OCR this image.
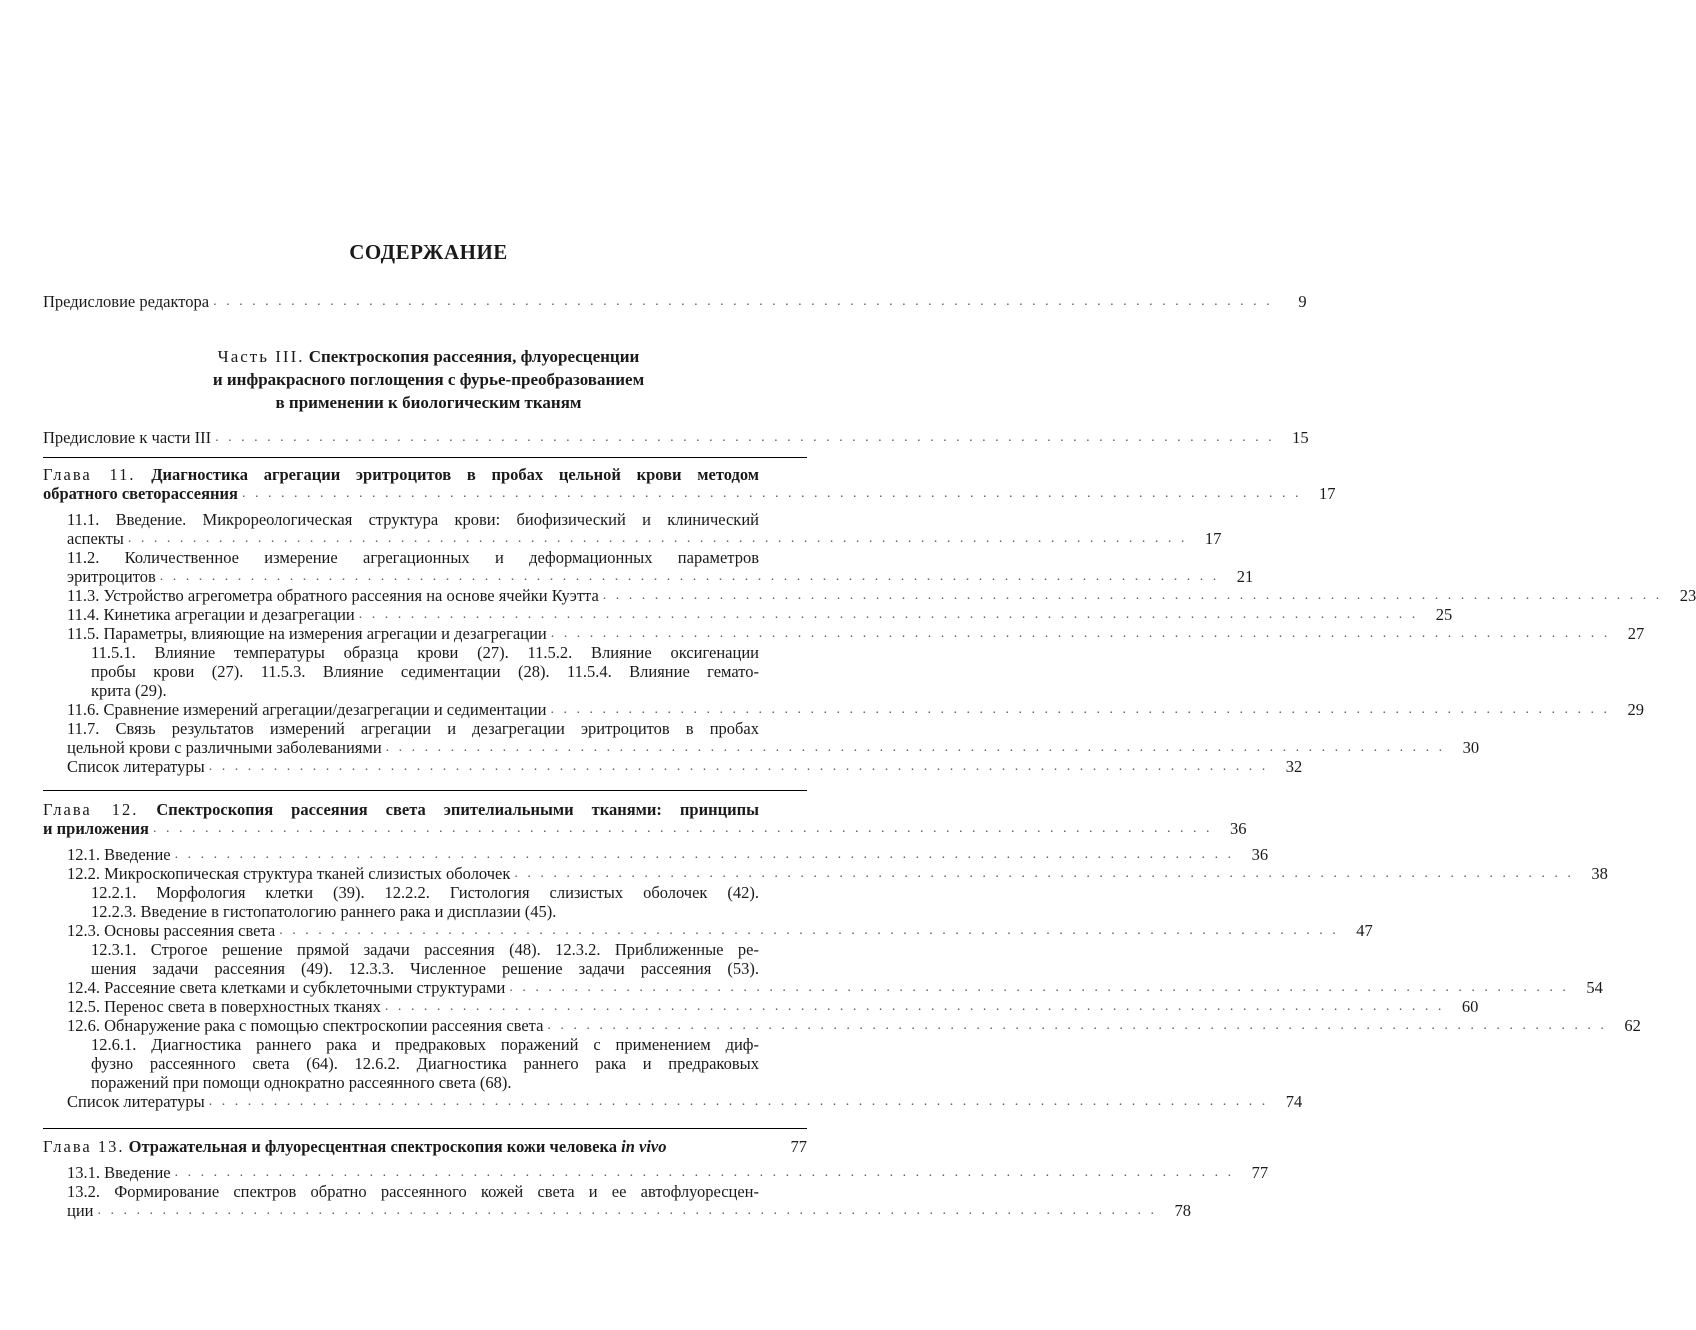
СОДЕРЖАНИЕ
Предисловие редактора . . . . . . . . . . . . . . . . . . . . . . . . . . . . . . . . . . . . . . . . . . . . . . . . . . . . . . . . . . . . . . . . . . . . . . . . . . . . . . . . . .	9
Часть III. Спектроскопия рассеяния, флуоресценции
и инфракрасного поглощения с фурье-преобразованием
в применении к биологическим тканям
Предисловие к части III . . . . . . . . . . . . . . . . . . . . . . . . . . . . . . . . . . . . . . . . . . . . . . . . . . . . . . . . . . . . . . . . . . . . . . . . . . . . . . . . . .	15
Глава 11. Диагностика агрегации эритроцитов в пробах цельной крови методом
обратного светорассеяния . . . . . . . . . . . . . . . . . . . . . . . . . . . . . . . . . . . . . . . . . . . . . . . . . . . . . . . . . . . . . . . . . . . . . . . . . . . . . . . . . .	17
11.1. Введение. Микрореологическая структура крови: биофизический и клинический
аспекты . . . . . . . . . . . . . . . . . . . . . . . . . . . . . . . . . . . . . . . . . . . . . . . . . . . . . . . . . . . . . . . . . . . . . . . . . . . . . . . . . .	17
11.2. Количественное измерение агрегационных и деформационных параметров
эритроцитов . . . . . . . . . . . . . . . . . . . . . . . . . . . . . . . . . . . . . . . . . . . . . . . . . . . . . . . . . . . . . . . . . . . . . . . . . . . . . . . . . .	21
11.3. Устройство агрегометра обратного рассеяния на основе ячейки Куэтта . . . . . . . . . . . . . . . . . . . . . . . . . . . . . . . . . . . . . . . . . . . . . . . . . . . . . . . . . . . . . . . . . . . . . . . . . . . . . . . . . .	23
11.4. Кинетика агрегации и дезагрегации . . . . . . . . . . . . . . . . . . . . . . . . . . . . . . . . . . . . . . . . . . . . . . . . . . . . . . . . . . . . . . . . . . . . . . . . . . . . . . . . . .	25
11.5. Параметры, влияющие на измерения агрегации и дезагрегации . . . . . . . . . . . . . . . . . . . . . . . . . . . . . . . . . . . . . . . . . . . . . . . . . . . . . . . . . . . . . . . . . . . . . . . . . . . . . . . . . .	27
11.5.1. Влияние температуры образца крови (27). 11.5.2. Влияние оксигенации
пробы крови (27). 11.5.3. Влияние седиментации (28). 11.5.4. Влияние гемато-
крита (29).
11.6. Сравнение измерений агрегации/дезагрегации и седиментации . . . . . . . . . . . . . . . . . . . . . . . . . . . . . . . . . . . . . . . . . . . . . . . . . . . . . . . . . . . . . . . . . . . . . . . . . . . . . . . . . .	29
11.7. Связь результатов измерений агрегации и дезагрегации эритроцитов в пробах
цельной крови с различными заболеваниями . . . . . . . . . . . . . . . . . . . . . . . . . . . . . . . . . . . . . . . . . . . . . . . . . . . . . . . . . . . . . . . . . . . . . . . . . . . . . . . . . .	30
Список литературы . . . . . . . . . . . . . . . . . . . . . . . . . . . . . . . . . . . . . . . . . . . . . . . . . . . . . . . . . . . . . . . . . . . . . . . . . . . . . . . . . .	32
Глава 12. Спектроскопия рассеяния света эпителиальными тканями: принципы
и приложения . . . . . . . . . . . . . . . . . . . . . . . . . . . . . . . . . . . . . . . . . . . . . . . . . . . . . . . . . . . . . . . . . . . . . . . . . . . . . . . . . .	36
12.1. Введение . . . . . . . . . . . . . . . . . . . . . . . . . . . . . . . . . . . . . . . . . . . . . . . . . . . . . . . . . . . . . . . . . . . . . . . . . . . . . . . . . .	36
12.2. Микроскопическая структура тканей слизистых оболочек . . . . . . . . . . . . . . . . . . . . . . . . . . . . . . . . . . . . . . . . . . . . . . . . . . . . . . . . . . . . . . . . . . . . . . . . . . . . . . . . . .	38
12.2.1. Морфология клетки (39). 12.2.2. Гистология слизистых оболочек (42).
12.2.3. Введение в гистопатологию раннего рака и дисплазии (45).
12.3. Основы рассеяния света . . . . . . . . . . . . . . . . . . . . . . . . . . . . . . . . . . . . . . . . . . . . . . . . . . . . . . . . . . . . . . . . . . . . . . . . . . . . . . . . . .	47
12.3.1. Строгое решение прямой задачи рассеяния (48). 12.3.2. Приближенные ре-
шения задачи рассеяния (49). 12.3.3. Численное решение задачи рассеяния (53).
12.4. Рассеяние света клетками и субклеточными структурами . . . . . . . . . . . . . . . . . . . . . . . . . . . . . . . . . . . . . . . . . . . . . . . . . . . . . . . . . . . . . . . . . . . . . . . . . . . . . . . . . .	54
12.5. Перенос света в поверхностных тканях . . . . . . . . . . . . . . . . . . . . . . . . . . . . . . . . . . . . . . . . . . . . . . . . . . . . . . . . . . . . . . . . . . . . . . . . . . . . . . . . . .	60
12.6. Обнаружение рака с помощью спектроскопии рассеяния света . . . . . . . . . . . . . . . . . . . . . . . . . . . . . . . . . . . . . . . . . . . . . . . . . . . . . . . . . . . . . . . . . . . . . . . . . . . . . . . . . .	62
12.6.1. Диагностика раннего рака и предраковых поражений с применением диф-
фузно рассеянного света (64). 12.6.2. Диагностика раннего рака и предраковых
поражений при помощи однократно рассеянного света (68).
Список литературы . . . . . . . . . . . . . . . . . . . . . . . . . . . . . . . . . . . . . . . . . . . . . . . . . . . . . . . . . . . . . . . . . . . . . . . . . . . . . . . . . .	74
Глава 13. Отражательная и флуоресцентная спектроскопия кожи человека in vivo	77
13.1. Введение . . . . . . . . . . . . . . . . . . . . . . . . . . . . . . . . . . . . . . . . . . . . . . . . . . . . . . . . . . . . . . . . . . . . . . . . . . . . . . . . . .	77
13.2. Формирование спектров обратно рассеянного кожей света и ее автофлуоресцен-
ции . . . . . . . . . . . . . . . . . . . . . . . . . . . . . . . . . . . . . . . . . . . . . . . . . . . . . . . . . . . . . . . . . . . . . . . . . . . . . . . . . .	78
